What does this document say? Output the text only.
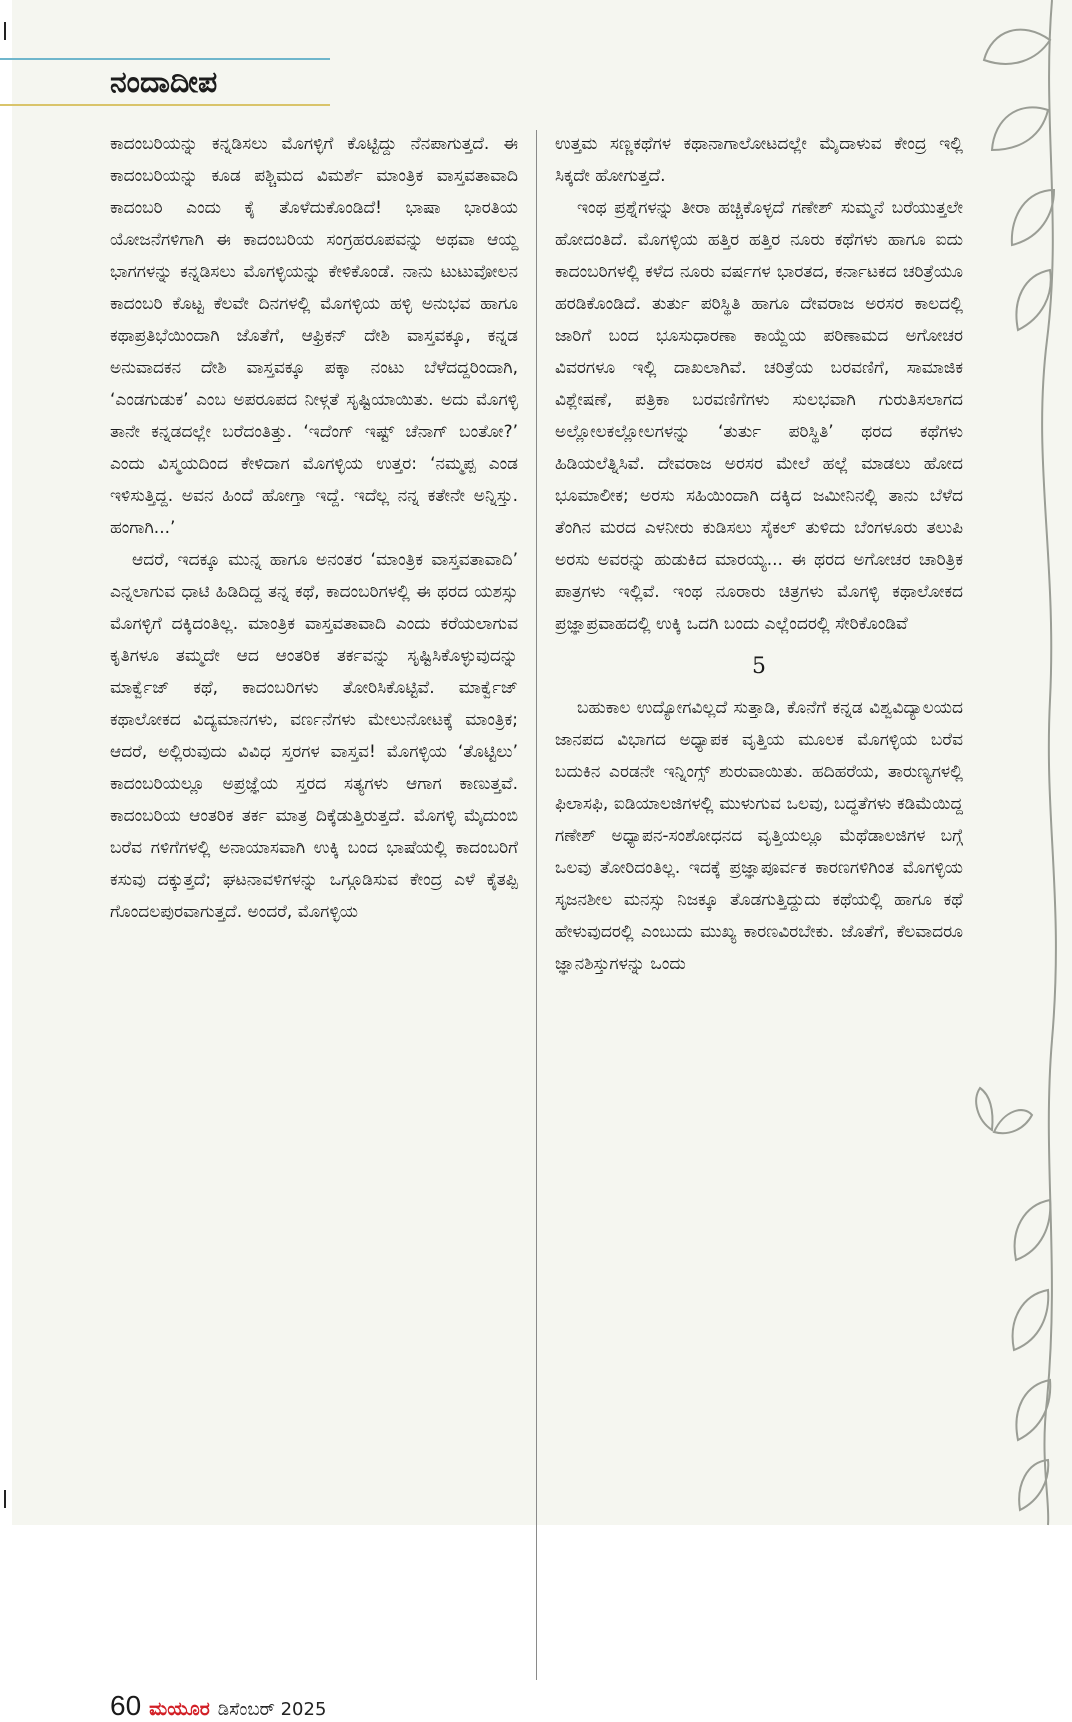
ನಂದಾದೀಪ

ಕಾದಂಬರಿಯನ್ನು ಕನ್ನಡಿಸಲು ಮೊಗಳ್ಳಿಗೆ ಕೊಟ್ಟಿದ್ದು ನೆನಪಾಗುತ್ತದೆ. ಈ ಕಾದಂಬರಿಯನ್ನು ಕೂಡ ಪಶ್ಚಿಮದ ವಿಮರ್ಶೆ ಮಾಂತ್ರಿಕ ವಾಸ್ತವತಾವಾದಿ ಕಾದಂಬರಿ ಎಂದು ಕೈ ತೊಳೆದುಕೊಂಡಿದೆ! ಭಾಷಾ ಭಾರತಿಯ ಯೋಜನೆಗಳಿಗಾಗಿ ಈ ಕಾದಂಬರಿಯ ಸಂಗ್ರಹರೂಪವನ್ನು ಅಥವಾ ಆಯ್ದ ಭಾಗಗಳನ್ನು ಕನ್ನಡಿಸಲು ಮೊಗಳ್ಳಿಯನ್ನು ಕೇಳಿಕೊಂಡೆ. ನಾನು ಟುಟುವೋಲನ ಕಾದಂಬರಿ ಕೊಟ್ಟ ಕೆಲವೇ ದಿನಗಳಲ್ಲಿ ಮೊಗಳ್ಳಿಯ ಹಳ್ಳಿ ಅನುಭವ ಹಾಗೂ ಕಥಾಪ್ರತಿಭೆಯಿಂದಾಗಿ ಜೊತೆಗೆ, ಆಫ್ರಿಕನ್ ದೇಶಿ ವಾಸ್ತವಕ್ಕೂ, ಕನ್ನಡ ಅನುವಾದಕನ ದೇಶಿ ವಾಸ್ತವಕ್ಕೂ ಪಕ್ಕಾ ನಂಟು ಬೆಳೆದದ್ದರಿಂದಾಗಿ, ‘ಎಂಡಗುಡುಕ’ ಎಂಬ ಅಪರೂಪದ ನೀಳ್ಗತೆ ಸೃಷ್ಟಿಯಾಯಿತು. ಅದು ಮೊಗಳ್ಳಿ ತಾನೇ ಕನ್ನಡದಲ್ಲೇ ಬರೆದಂತಿತ್ತು. ‘ಇದೆಂಗ್ ಇಷ್ಟ್ ಚೆನಾಗ್ ಬಂತೋ?’ ಎಂದು ವಿಸ್ಮಯದಿಂದ ಕೇಳಿದಾಗ ಮೊಗಳ್ಳಿಯ ಉತ್ತರ: ‘ನಮ್ಮಪ್ಪ ಎಂಡ ಇಳಿಸುತ್ತಿದ್ದ. ಅವನ ಹಿಂದೆ ಹೋಗ್ತಾ ಇದ್ದೆ. ಇದೆಲ್ಲ ನನ್ನ ಕತೇನೇ ಅನ್ನಿಸ್ತು. ಹಂಗಾಗಿ...’

ಆದರೆ, ಇದಕ್ಕೂ ಮುನ್ನ ಹಾಗೂ ಅನಂತರ ‘ಮಾಂತ್ರಿಕ ವಾಸ್ತವತಾವಾದಿ’ ಎನ್ನಲಾಗುವ ಧಾಟಿ ಹಿಡಿದಿದ್ದ ತನ್ನ ಕಥೆ, ಕಾದಂಬರಿಗಳಲ್ಲಿ ಈ ಥರದ ಯಶಸ್ಸು ಮೊಗಳ್ಳಿಗೆ ದಕ್ಕಿದಂತಿಲ್ಲ. ಮಾಂತ್ರಿಕ ವಾಸ್ತವತಾವಾದಿ ಎಂದು ಕರೆಯಲಾಗುವ ಕೃತಿಗಳೂ ತಮ್ಮದೇ ಆದ ಆಂತರಿಕ ತರ್ಕವನ್ನು ಸೃಷ್ಟಿಸಿಕೊಳ್ಳುವುದನ್ನು ಮಾರ್ಕ್ವೆಜ್ ಕಥೆ, ಕಾದಂಬರಿಗಳು ತೋರಿಸಿಕೊಟ್ಟಿವೆ. ಮಾರ್ಕ್ವೆಜ್ ಕಥಾಲೋಕದ ವಿದ್ಯಮಾನಗಳು, ವರ್ಣನೆಗಳು ಮೇಲುನೋಟಕ್ಕೆ ಮಾಂತ್ರಿಕ; ಆದರೆ, ಅಲ್ಲಿರುವುದು ವಿವಿಧ ಸ್ತರಗಳ ವಾಸ್ತವ! ಮೊಗಳ್ಳಿಯ ‘ತೊಟ್ಟಿಲು’ ಕಾದಂಬರಿಯಲ್ಲೂ ಅಪ್ರಜ್ಞೆಯ ಸ್ತರದ ಸತ್ಯಗಳು ಆಗಾಗ ಕಾಣುತ್ತವೆ. ಕಾದಂಬರಿಯ ಆಂತರಿಕ ತರ್ಕ ಮಾತ್ರ ದಿಕ್ಕೆಡುತ್ತಿರುತ್ತದೆ. ಮೊಗಳ್ಳಿ ಮೈದುಂಬಿ ಬರೆವ ಗಳಿಗೆಗಳಲ್ಲಿ ಅನಾಯಾಸವಾಗಿ ಉಕ್ಕಿ ಬಂದ ಭಾಷೆಯಲ್ಲಿ ಕಾದಂಬರಿಗೆ ಕಸುವು ದಕ್ಕುತ್ತದೆ; ಘಟನಾವಳಿಗಳನ್ನು ಒಗ್ಗೂಡಿಸುವ ಕೇಂದ್ರ ಎಳೆ ಕೈತಪ್ಪಿ ಗೊಂದಲಪುರವಾಗುತ್ತದೆ. ಅಂದರೆ, ಮೊಗಳ್ಳಿಯ

ಉತ್ತಮ ಸಣ್ಣಕಥೆಗಳ ಕಥಾನಾಗಾಲೋಟದಲ್ಲೇ ಮೈದಾಳುವ ಕೇಂದ್ರ ಇಲ್ಲಿ ಸಿಕ್ಕದೇ ಹೋಗುತ್ತದೆ.

ಇಂಥ ಪ್ರಶ್ನೆಗಳನ್ನು ತೀರಾ ಹಚ್ಚಿಕೊಳ್ಳದೆ ಗಣೇಶ್ ಸುಮ್ಮನೆ ಬರೆಯುತ್ತಲೇ ಹೋದಂತಿದೆ. ಮೊಗಳ್ಳಿಯ ಹತ್ತಿರ ಹತ್ತಿರ ನೂರು ಕಥೆಗಳು ಹಾಗೂ ಐದು ಕಾದಂಬರಿಗಳಲ್ಲಿ ಕಳೆದ ನೂರು ವರ್ಷಗಳ ಭಾರತದ, ಕರ್ನಾಟಕದ ಚರಿತ್ರೆಯೂ ಹರಡಿಕೊಂಡಿದೆ. ತುರ್ತು ಪರಿಸ್ಥಿತಿ ಹಾಗೂ ದೇವರಾಜ ಅರಸರ ಕಾಲದಲ್ಲಿ ಜಾರಿಗೆ ಬಂದ ಭೂಸುಧಾರಣಾ ಕಾಯ್ದೆಯ ಪರಿಣಾಮದ ಅಗೋಚರ ವಿವರಗಳೂ ಇಲ್ಲಿ ದಾಖಲಾಗಿವೆ. ಚರಿತ್ರೆಯ ಬರವಣಿಗೆ, ಸಾಮಾಜಿಕ ವಿಶ್ಲೇಷಣೆ, ಪತ್ರಿಕಾ ಬರವಣಿಗೆಗಳು ಸುಲಭವಾಗಿ ಗುರುತಿಸಲಾಗದ ಅಲ್ಲೋಲಕಲ್ಲೋಲಗಳನ್ನು ‘ತುರ್ತು ಪರಿಸ್ಥಿತಿ’ ಥರದ ಕಥೆಗಳು ಹಿಡಿಯಲೆತ್ನಿಸಿವೆ. ದೇವರಾಜ ಅರಸರ ಮೇಲೆ ಹಲ್ಲೆ ಮಾಡಲು ಹೋದ ಭೂಮಾಲೀಕ; ಅರಸು ಸಹಿಯಿಂದಾಗಿ ದಕ್ಕಿದ ಜಮೀನಿನಲ್ಲಿ ತಾನು ಬೆಳೆದ ತೆಂಗಿನ ಮರದ ಎಳನೀರು ಕುಡಿಸಲು ಸೈಕಲ್ ತುಳಿದು ಬೆಂಗಳೂರು ತಲುಪಿ ಅರಸು ಅವರನ್ನು ಹುಡುಕಿದ ಮಾರಯ್ಯ... ಈ ಥರದ ಅಗೋಚರ ಚಾರಿತ್ರಿಕ ಪಾತ್ರಗಳು ಇಲ್ಲಿವೆ. ಇಂಥ ನೂರಾರು ಚಿತ್ರಗಳು ಮೊಗಳ್ಳಿ ಕಥಾಲೋಕದ ಪ್ರಜ್ಞಾಪ್ರವಾಹದಲ್ಲಿ ಉಕ್ಕಿ ಒದಗಿ ಬಂದು ಎಲ್ಲೆಂದರಲ್ಲಿ ಸೇರಿಕೊಂಡಿವೆ

5

ಬಹುಕಾಲ ಉದ್ಯೋಗವಿಲ್ಲದೆ ಸುತ್ತಾಡಿ, ಕೊನೆಗೆ ಕನ್ನಡ ವಿಶ್ವವಿದ್ಯಾಲಯದ ಜಾನಪದ ವಿಭಾಗದ ಅಧ್ಯಾಪಕ ವೃತ್ತಿಯ ಮೂಲಕ ಮೊಗಳ್ಳಿಯ ಬರೆವ ಬದುಕಿನ ಎರಡನೇ ಇನ್ನಿಂಗ್ಸ್ ಶುರುವಾಯಿತು. ಹದಿಹರೆಯ, ತಾರುಣ್ಯಗಳಲ್ಲಿ ಫಿಲಾಸಫಿ, ಐಡಿಯಾಲಜಿಗಳಲ್ಲಿ ಮುಳುಗುವ ಒಲವು, ಬದ್ಧತೆಗಳು ಕಡಿಮೆಯಿದ್ದ ಗಣೇಶ್ ಅಧ್ಯಾಪನ-ಸಂಶೋಧನದ ವೃತ್ತಿಯಲ್ಲೂ ಮೆಥೆಡಾಲಜಿಗಳ ಬಗ್ಗೆ ಒಲವು ತೋರಿದಂತಿಲ್ಲ. ಇದಕ್ಕೆ ಪ್ರಜ್ಞಾಪೂರ್ವಕ ಕಾರಣಗಳಿಗಿಂತ ಮೊಗಳ್ಳಿಯ ಸೃಜನಶೀಲ ಮನಸ್ಸು ನಿಜಕ್ಕೂ ತೊಡಗುತ್ತಿದ್ದುದು ಕಥೆಯಲ್ಲಿ ಹಾಗೂ ಕಥೆ ಹೇಳುವುದರಲ್ಲಿ ಎಂಬುದು ಮುಖ್ಯ ಕಾರಣವಿರಬೇಕು. ಜೊತೆಗೆ, ಕೆಲವಾದರೂ ಜ್ಞಾನಶಿಸ್ತುಗಳನ್ನು ಒಂದು

60 ಮಯೂರ ಡಿಸೆಂಬರ್ 2025
